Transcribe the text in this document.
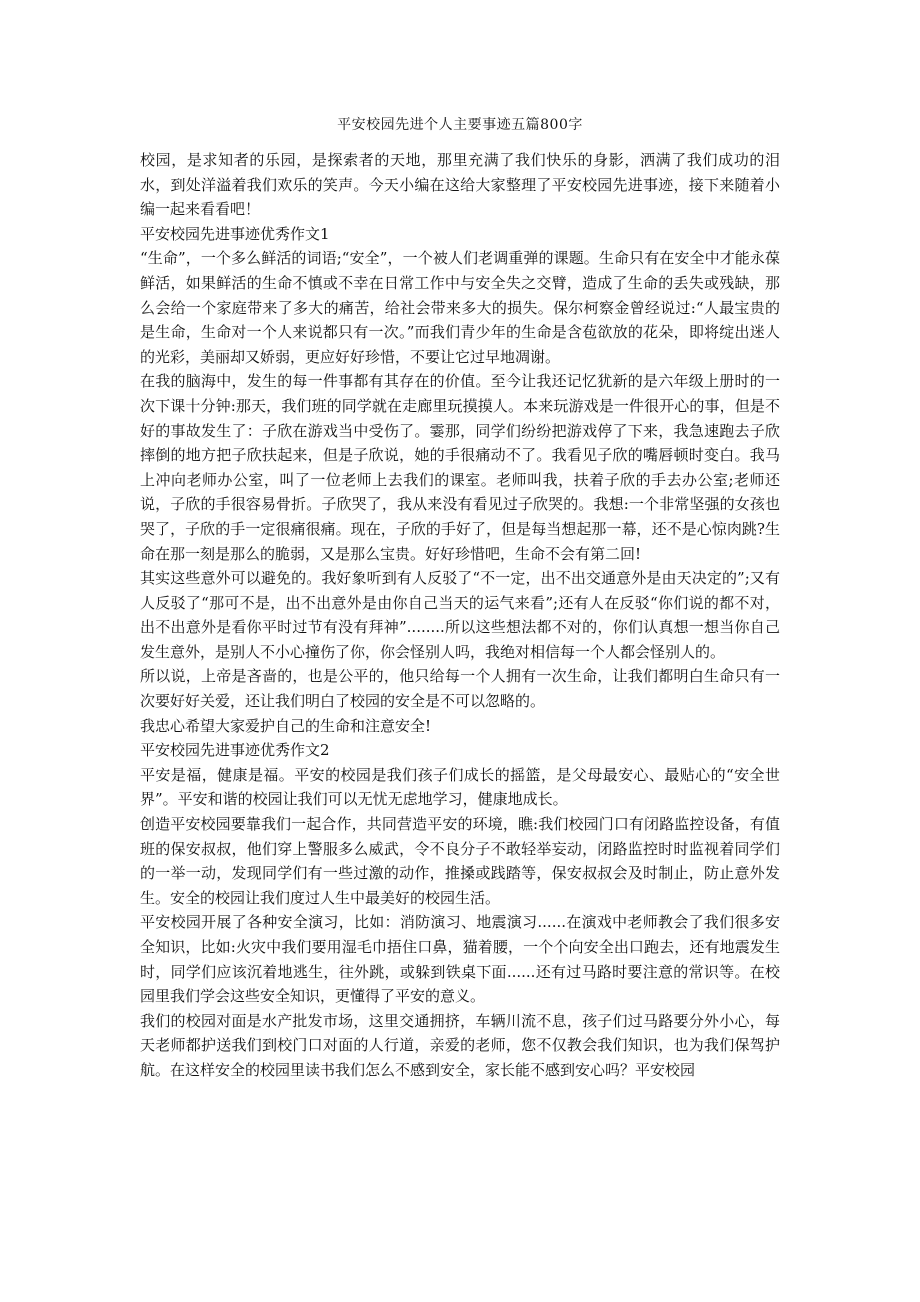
平安校园先进个人主要事迹五篇800字

校园，是求知者的乐园，是探索者的天地，那里充满了我们快乐的身影，洒满了我们成功的泪水，到处洋溢着我们欢乐的笑声。今天小编在这给大家整理了平安校园先进事迹，接下来随着小编一起来看看吧！

平安校园先进事迹优秀作文1

“生命”，一个多么鲜活的词语;“安全”，一个被人们老调重弹的课题。生命只有在安全中才能永葆鲜活，如果鲜活的生命不慎或不幸在日常工作中与安全失之交臂，造成了生命的丢失或残缺，那么会给一个家庭带来了多大的痛苦，给社会带来多大的损失。保尔柯察金曾经说过:“人最宝贵的是生命，生命对一个人来说都只有一次。”而我们青少年的生命是含苞欲放的花朵，即将绽出迷人的光彩，美丽却又娇弱，更应好好珍惜，不要让它过早地凋谢。

在我的脑海中，发生的每一件事都有其存在的价值。至今让我还记忆犹新的是六年级上册时的一次下课十分钟:那天，我们班的同学就在走廊里玩摸摸人。本来玩游戏是一件很开心的事，但是不好的事故发生了：子欣在游戏当中受伤了。霎那，同学们纷纷把游戏停了下来，我急速跑去子欣摔倒的地方把子欣扶起来，但是子欣说，她的手很痛动不了。我看见子欣的嘴唇顿时变白。我马上冲向老师办公室，叫了一位老师上去我们的课室。老师叫我，扶着子欣的手去办公室;老师还说，子欣的手很容易骨折。子欣哭了，我从来没有看见过子欣哭的。我想:一个非常坚强的女孩也哭了，子欣的手一定很痛很痛。现在，子欣的手好了，但是每当想起那一幕，还不是心惊肉跳?生命在那一刻是那么的脆弱，又是那么宝贵。好好珍惜吧，生命不会有第二回!

其实这些意外可以避免的。我好象听到有人反驳了“不一定，出不出交通意外是由天决定的”;又有人反驳了“那可不是，出不出意外是由你自己当天的运气来看”;还有人在反驳“你们说的都不对，出不出意外是看你平时过节有没有拜神”........所以这些想法都不对的，你们认真想一想当你自己发生意外，是别人不小心撞伤了你，你会怪别人吗，我绝对相信每一个人都会怪别人的。

所以说，上帝是吝啬的，也是公平的，他只给每一个人拥有一次生命，让我们都明白生命只有一次要好好关爱，还让我们明白了校园的安全是不可以忽略的。

我忠心希望大家爱护自己的生命和注意安全!

平安校园先进事迹优秀作文2

平安是福，健康是福。平安的校园是我们孩子们成长的摇篮，是父母最安心、最贴心的“安全世界”。平安和谐的校园让我们可以无忧无虑地学习，健康地成长。

创造平安校园要靠我们一起合作，共同营造平安的环境，瞧:我们校园门口有闭路监控设备，有值班的保安叔叔，他们穿上警服多么威武，令不良分子不敢轻举妄动，闭路监控时时监视着同学们的一举一动，发现同学们有一些过激的动作，推搡或践踏等，保安叔叔会及时制止，防止意外发生。安全的校园让我们度过人生中最美好的校园生活。

平安校园开展了各种安全演习，比如：消防演习、地震演习......在演戏中老师教会了我们很多安全知识，比如:火灾中我们要用湿毛巾捂住口鼻，猫着腰，一个个向安全出口跑去，还有地震发生时，同学们应该沉着地逃生，往外跳，或躲到铁桌下面......还有过马路时要注意的常识等。在校园里我们学会这些安全知识，更懂得了平安的意义。

我们的校园对面是水产批发市场，这里交通拥挤，车辆川流不息，孩子们过马路要分外小心，每天老师都护送我们到校门口对面的人行道，亲爱的老师，您不仅教会我们知识，也为我们保驾护航。在这样安全的校园里读书我们怎么不感到安全，家长能不感到安心吗？平安校园
